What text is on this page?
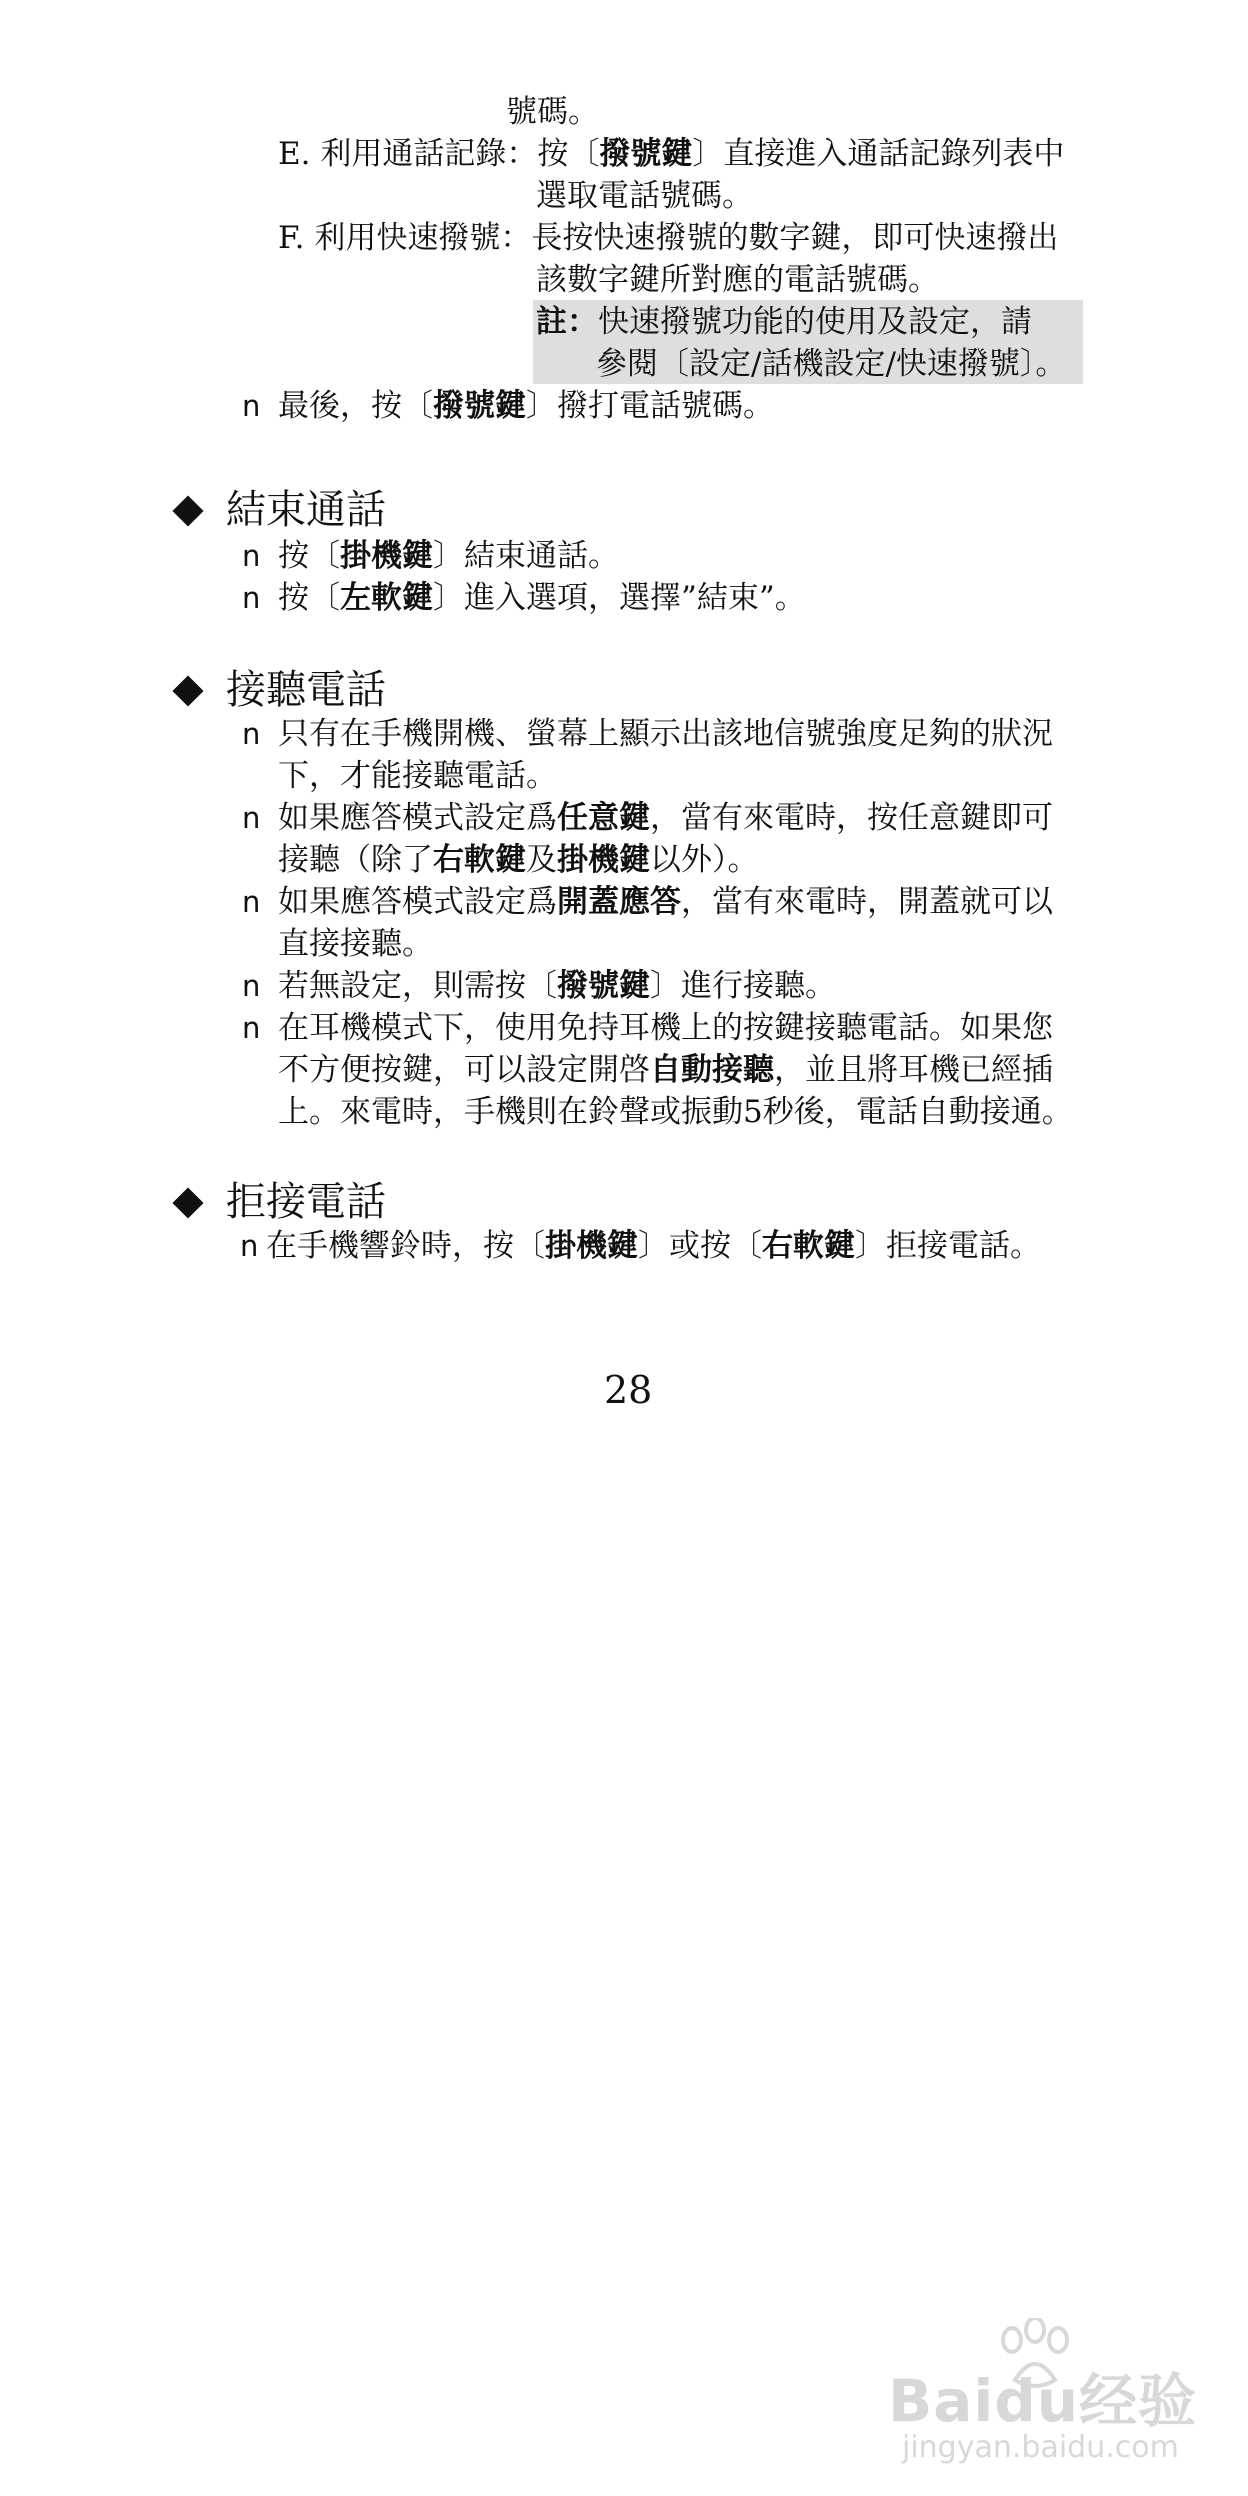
號碼。
E. 利用通話記錄：按〔撥號鍵〕直接進入通話記錄列表中
選取電話號碼。
F. 利用快速撥號：長按快速撥號的數字鍵，即可快速撥出
該數字鍵所對應的電話號碼。
註：快速撥號功能的使用及設定，請
參閱〔設定/話機設定/快速撥號〕。
n 最後，按〔撥號鍵〕撥打電話號碼。
結束通話
n 按〔掛機鍵〕結束通話。
n 按〔左軟鍵〕進入選項，選擇”結束”。
接聽電話
n 只有在手機開機、螢幕上顯示出該地信號強度足夠的狀況
下，才能接聽電話。
n 如果應答模式設定爲任意鍵，當有來電時，按任意鍵即可
接聽（除了右軟鍵及掛機鍵以外）。
n 如果應答模式設定爲開蓋應答，當有來電時，開蓋就可以
直接接聽。
n 若無設定，則需按〔撥號鍵〕進行接聽。
n 在耳機模式下，使用免持耳機上的按鍵接聽電話。如果您
不方便按鍵，可以設定開啓自動接聽，並且將耳機已經插
上。來電時，手機則在鈴聲或振動5秒後，電話自動接通。
拒接電話
n 在手機響鈴時，按〔掛機鍵〕或按〔右軟鍵〕拒接電話。
28
Baidu经验
jingyan.baidu.com
